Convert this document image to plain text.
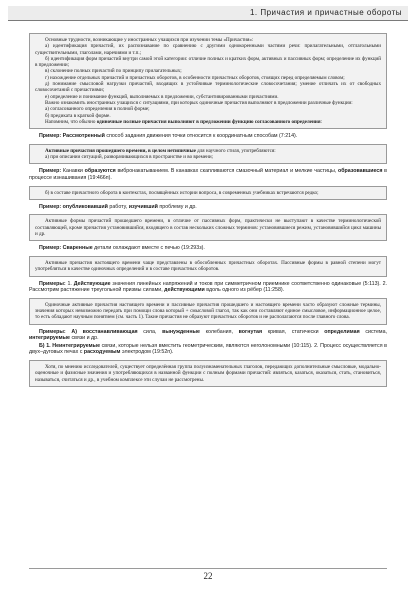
1. Причастия и причастные обороты
Основные трудности, возникающие у иностранных учащихся при изучении темы «Причастия»:
а) идентификация причастий, их распознавание по сравнению с другими однокоренными частями речи: прилагательными, отглагольными существительными, глаголами, наречиями и т.п.;
б) идентификация форм причастий внутри самой этой категории: отличие полных и кратких форм, активных и пассивных форм; определение их функций в предложении;
в) склонение полных причастий по принципу прилагательных;
г) нахождение отдельных причастий и причастных оборотов, в особенности причастных оборотов, стоящих перед определяемым словом;
д) понимание смысловой нагрузки причастий, входящих в устойчивые терминологические словосочетания; умение отличать их от свободных словосочетаний с причастиями;
е) определение и понимание функций, выполняемых в предложении, субстантивированными причастиями.
Важно ознакомить иностранных учащихся с ситуациями, при которых одиночные причастия выполняют в предложении различные функции:
а) согласованного определения в полной форме;
б) предиката в краткой форме.
Напомним, что обычно одиночные полные причастия выполняют в предложении функцию согласованного определения:
Пример: Рассмотренный способ задания движения точки относится к координатным способам (7:214).
Активные причастия прошедшего времени, в целом нетипичные для научного стиля, употребляются:
а) при описании ситуаций, разворачивающихся в пространстве и во времени;
Пример: Канавки образуются вибронакатыванием. В канавках скапливаются смазочный материал и мелкие частицы, образовавшиеся в процессе изнашивания (19:466п).
б) в составе причастного оборота в контекстах, посвящённых истории вопроса, в современных учебниках встречаются редко;
Пример: опубликовавший работу, изучивший проблему и др.
Активные формы причастий прошедшего времени, в отличие от пассивных форм, практически не выступают в качестве терминологической составляющей, кроме причастия установившийся, входящего в состав нескольких сложных терминов: установившиеся режим, установившийся цикл машины и др.
Пример: Сваренные детали охлаждают вместе с печью (19:293з).
Активные причастия настоящего времени чаще представлены в обособленных причастных оборотах. Пассивные формы в равной степени могут употребляться в качестве одиночных определений и в составе причастных оборотов.
Примеры: 1. Действующие значения линейных напряжений и токов при симметричном приемнике соответственно одинаковые (5:113). 2. Рассмотрим растяжение треугольной призмы силами, действующими вдоль одного из рёбер (11:258).
Одиночные активные причастия настоящего времени и пассивные причастия прошедшего и настоящего времени часто образуют сложные термины, значения которых невозможно передать при помощи слова который + смысловой глагол, так как они составляют единое смысловое, информационное целое, то есть обладают научным понятием (см. часть 1). Такие причастия не образуют причастных оборотов и не располагаются после главного слова.
Примеры: А) восстанавливающая сила, вынужденные колебания, вогнутая кривая, статически определимая система, интегрируемые связи и др.
Б) 1. Неинтегрируемые связи, которые нельзя вместить геометрическим, являются неголономными (10:115). 2. Процесс осуществляется в двух–дуговых печах с расходуемым электродом (19:52п).
Хотя, по мнению исследователей, существует определённая группа полуизнаменательных глаголов, передающих дополнительные смысловые, модально-оценочные и фазисные значения и употребляющихся в названной функции с полным формами причастий: являться, казаться, оказаться, стать, становиться, называться, считаться и др., в учебном комплексе эти случаи не рассмотрены.
22
